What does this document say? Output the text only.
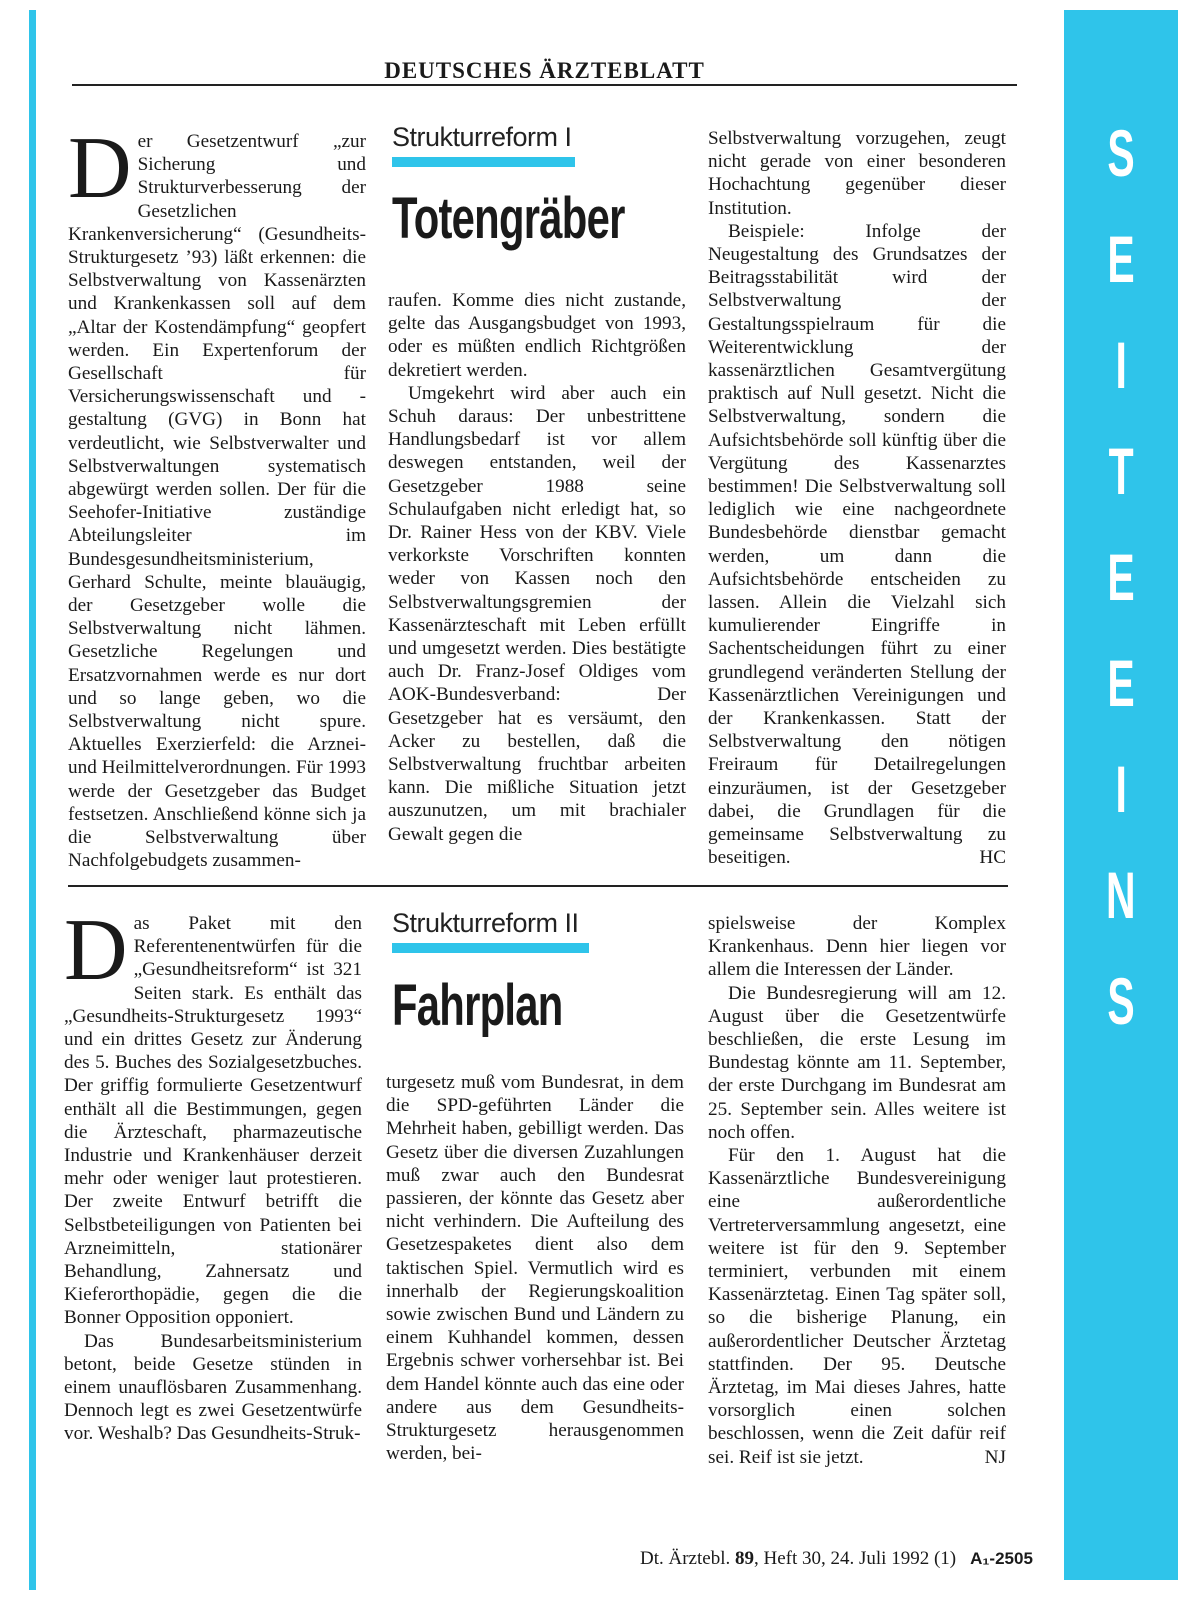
S
E
I
T
E
E
I
N
S
DEUTSCHES ÄRZTEBLATT
D er Gesetzentwurf „zur Sicherung und Strukturverbesserung der Gesetzlichen Krankenversicherung“ (Gesundheits-Strukturgesetz ’93) läßt erkennen: die Selbstverwaltung von Kassenärzten und Krankenkassen soll auf dem „Altar der Kostendämpfung“ geopfert werden. Ein Expertenforum der Gesellschaft für Versicherungswissenschaft und -gestaltung (GVG) in Bonn hat verdeutlicht, wie Selbstverwalter und Selbstverwaltungen systematisch abgewürgt werden sollen. Der für die Seehofer-Initiative zuständige Abteilungsleiter im Bundesgesundheitsministerium, Gerhard Schulte, meinte blauäugig, der Gesetzgeber wolle die Selbstverwaltung nicht lähmen. Gesetzliche Regelungen und Ersatzvornahmen werde es nur dort und so lange geben, wo die Selbstverwaltung nicht spure. Aktuelles Exerzierfeld: die Arznei- und Heilmittelverordnungen. Für 1993 werde der Gesetzgeber das Budget festsetzen. Anschließend könne sich ja die Selbstverwaltung über Nachfolgebudgets zusammen-

Strukturreform I
Totengräber

raufen. Komme dies nicht zustande, gelte das Ausgangsbudget von 1993, oder es müßten endlich Richtgrößen dekretiert werden.

Umgekehrt wird aber auch ein Schuh daraus: Der unbestrittene Handlungsbedarf ist vor allem deswegen entstanden, weil der Gesetzgeber 1988 seine Schulaufgaben nicht erledigt hat, so Dr. Rainer Hess von der KBV. Viele verkorkste Vorschriften konnten weder von Kassen noch den Selbstverwaltungsgremien der Kassenärzteschaft mit Leben erfüllt und umgesetzt werden. Dies bestätigte auch Dr. Franz-Josef Oldiges vom AOK-Bundesverband: Der Gesetzgeber hat es versäumt, den Acker zu bestellen, daß die Selbstverwaltung fruchtbar arbeiten kann. Die mißliche Situation jetzt auszunutzen, um mit brachialer Gewalt gegen die

Selbstverwaltung vorzugehen, zeugt nicht gerade von einer besonderen Hochachtung gegenüber dieser Institution.

Beispiele: Infolge der Neugestaltung des Grundsatzes der Beitragsstabilität wird der Selbstverwaltung der Gestaltungsspielraum für die Weiterentwicklung der kassenärztlichen Gesamtvergütung praktisch auf Null gesetzt. Nicht die Selbstverwaltung, sondern die Aufsichtsbehörde soll künftig über die Vergütung des Kassenarztes bestimmen! Die Selbstverwaltung soll lediglich wie eine nachgeordnete Bundesbehörde dienstbar gemacht werden, um dann die Aufsichtsbehörde entscheiden zu lassen. Allein die Vielzahl sich kumulierender Eingriffe in Sachentscheidungen führt zu einer grundlegend veränderten Stellung der Kassenärztlichen Vereinigungen und der Krankenkassen. Statt der Selbstverwaltung den nötigen Freiraum für Detailregelungen einzuräumen, ist der Gesetzgeber dabei, die Grundlagen für die gemeinsame Selbstverwaltung zu beseitigen.	HC

D as Paket mit den Referentenentwürfen für die „Gesundheitsreform“ ist 321 Seiten stark. Es enthält das „Gesundheits-Strukturgesetz 1993“ und ein drittes Gesetz zur Änderung des 5. Buches des Sozialgesetzbuches. Der griffig formulierte Gesetzentwurf enthält all die Bestimmungen, gegen die Ärzteschaft, pharmazeutische Industrie und Krankenhäuser derzeit mehr oder weniger laut protestieren. Der zweite Entwurf betrifft die Selbstbeteiligungen von Patienten bei Arzneimitteln, stationärer Behandlung, Zahnersatz und Kieferorthopädie, gegen die die Bonner Opposition opponiert.

Das Bundesarbeitsministerium betont, beide Gesetze stünden in einem unauflösbaren Zusammenhang. Dennoch legt es zwei Gesetzentwürfe vor. Weshalb? Das Gesundheits-Struk-

Strukturreform II
Fahrplan

turgesetz muß vom Bundesrat, in dem die SPD-geführten Länder die Mehrheit haben, gebilligt werden. Das Gesetz über die diversen Zuzahlungen muß zwar auch den Bundesrat passieren, der könnte das Gesetz aber nicht verhindern. Die Aufteilung des Gesetzespaketes dient also dem taktischen Spiel. Vermutlich wird es innerhalb der Regierungskoalition sowie zwischen Bund und Ländern zu einem Kuhhandel kommen, dessen Ergebnis schwer vorhersehbar ist. Bei dem Handel könnte auch das eine oder andere aus dem Gesundheits-Strukturgesetz herausgenommen werden, bei-

spielsweise der Komplex Krankenhaus. Denn hier liegen vor allem die Interessen der Länder.

Die Bundesregierung will am 12. August über die Gesetzentwürfe beschließen, die erste Lesung im Bundestag könnte am 11. September, der erste Durchgang im Bundesrat am 25. September sein. Alles weitere ist noch offen.

Für den 1. August hat die Kassenärztliche Bundesvereinigung eine außerordentliche Vertreterversammlung angesetzt, eine weitere ist für den 9. September terminiert, verbunden mit einem Kassenärztetag. Einen Tag später soll, so die bisherige Planung, ein außerordentlicher Deutscher Ärztetag stattfinden. Der 95. Deutsche Ärztetag, im Mai dieses Jahres, hatte vorsorglich einen solchen beschlossen, wenn die Zeit dafür reif sei. Reif ist sie jetzt.	NJ

Dt. Ärztebl. 89, Heft 30, 24. Juli 1992 (1) A₁-2505
